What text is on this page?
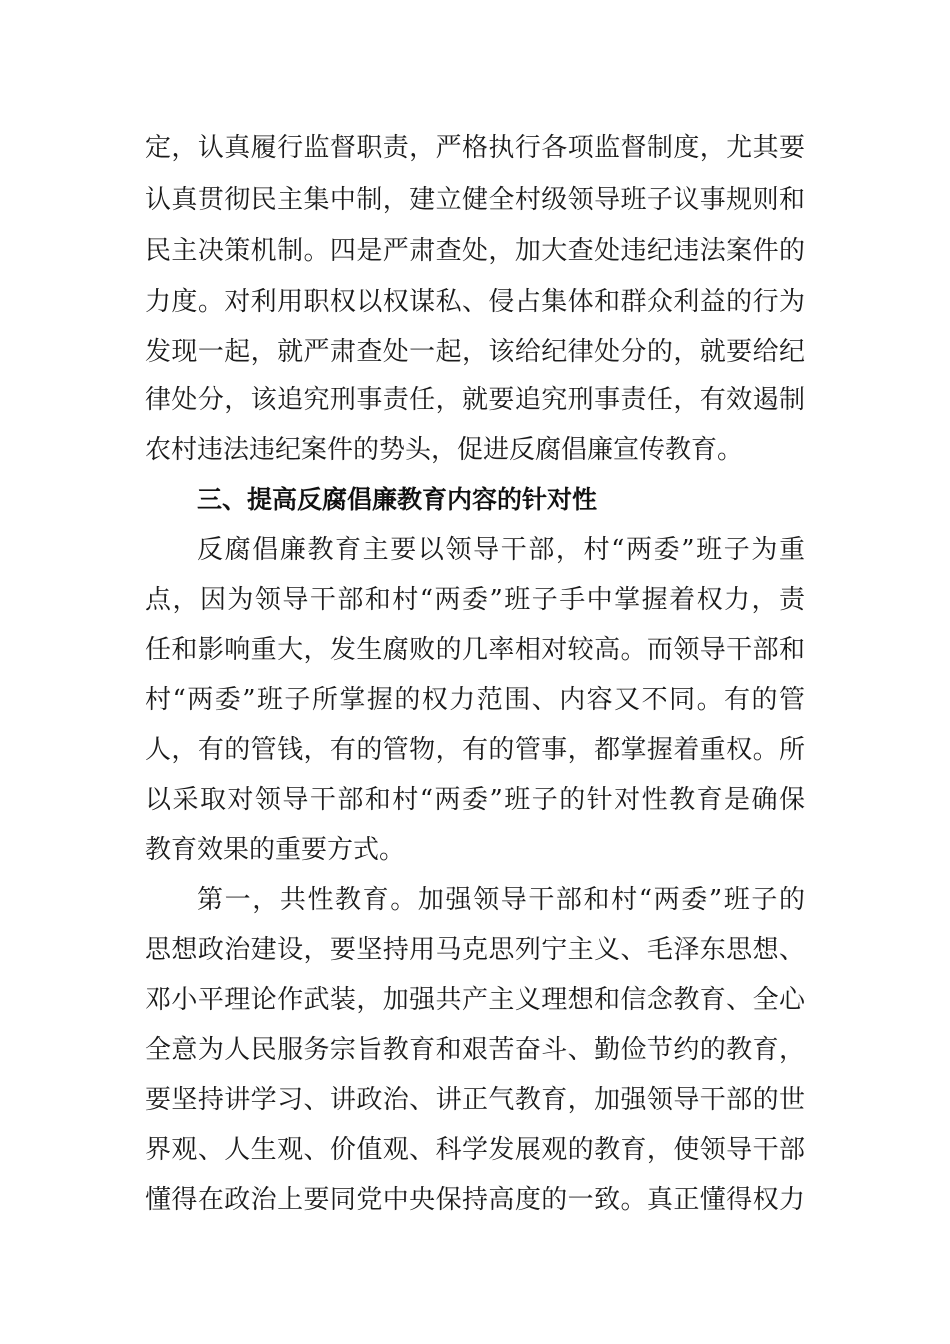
定，认真履行监督职责，严格执行各项监督制度，尤其要
认真贯彻民主集中制，建立健全村级领导班子议事规则和
民主决策机制。四是严肃查处，加大查处违纪违法案件的
力度。对利用职权以权谋私、侵占集体和群众利益的行为
发现一起，就严肃查处一起，该给纪律处分的，就要给纪
律处分，该追究刑事责任，就要追究刑事责任，有效遏制
农村违法违纪案件的势头，促进反腐倡廉宣传教育。
三、提高反腐倡廉教育内容的针对性
反腐倡廉教育主要以领导干部，村“两委”班子为重
点，因为领导干部和村“两委”班子手中掌握着权力，责
任和影响重大，发生腐败的几率相对较高。而领导干部和
村“两委”班子所掌握的权力范围、内容又不同。有的管
人，有的管钱，有的管物，有的管事，都掌握着重权。所
以采取对领导干部和村“两委”班子的针对性教育是确保
教育效果的重要方式。
第一，共性教育。加强领导干部和村“两委”班子的
思想政治建设，要坚持用马克思列宁主义、毛泽东思想、
邓小平理论作武装，加强共产主义理想和信念教育、全心
全意为人民服务宗旨教育和艰苦奋斗、勤俭节约的教育，
要坚持讲学习、讲政治、讲正气教育，加强领导干部的世
界观、人生观、价值观、科学发展观的教育，使领导干部
懂得在政治上要同党中央保持高度的一致。真正懂得权力
